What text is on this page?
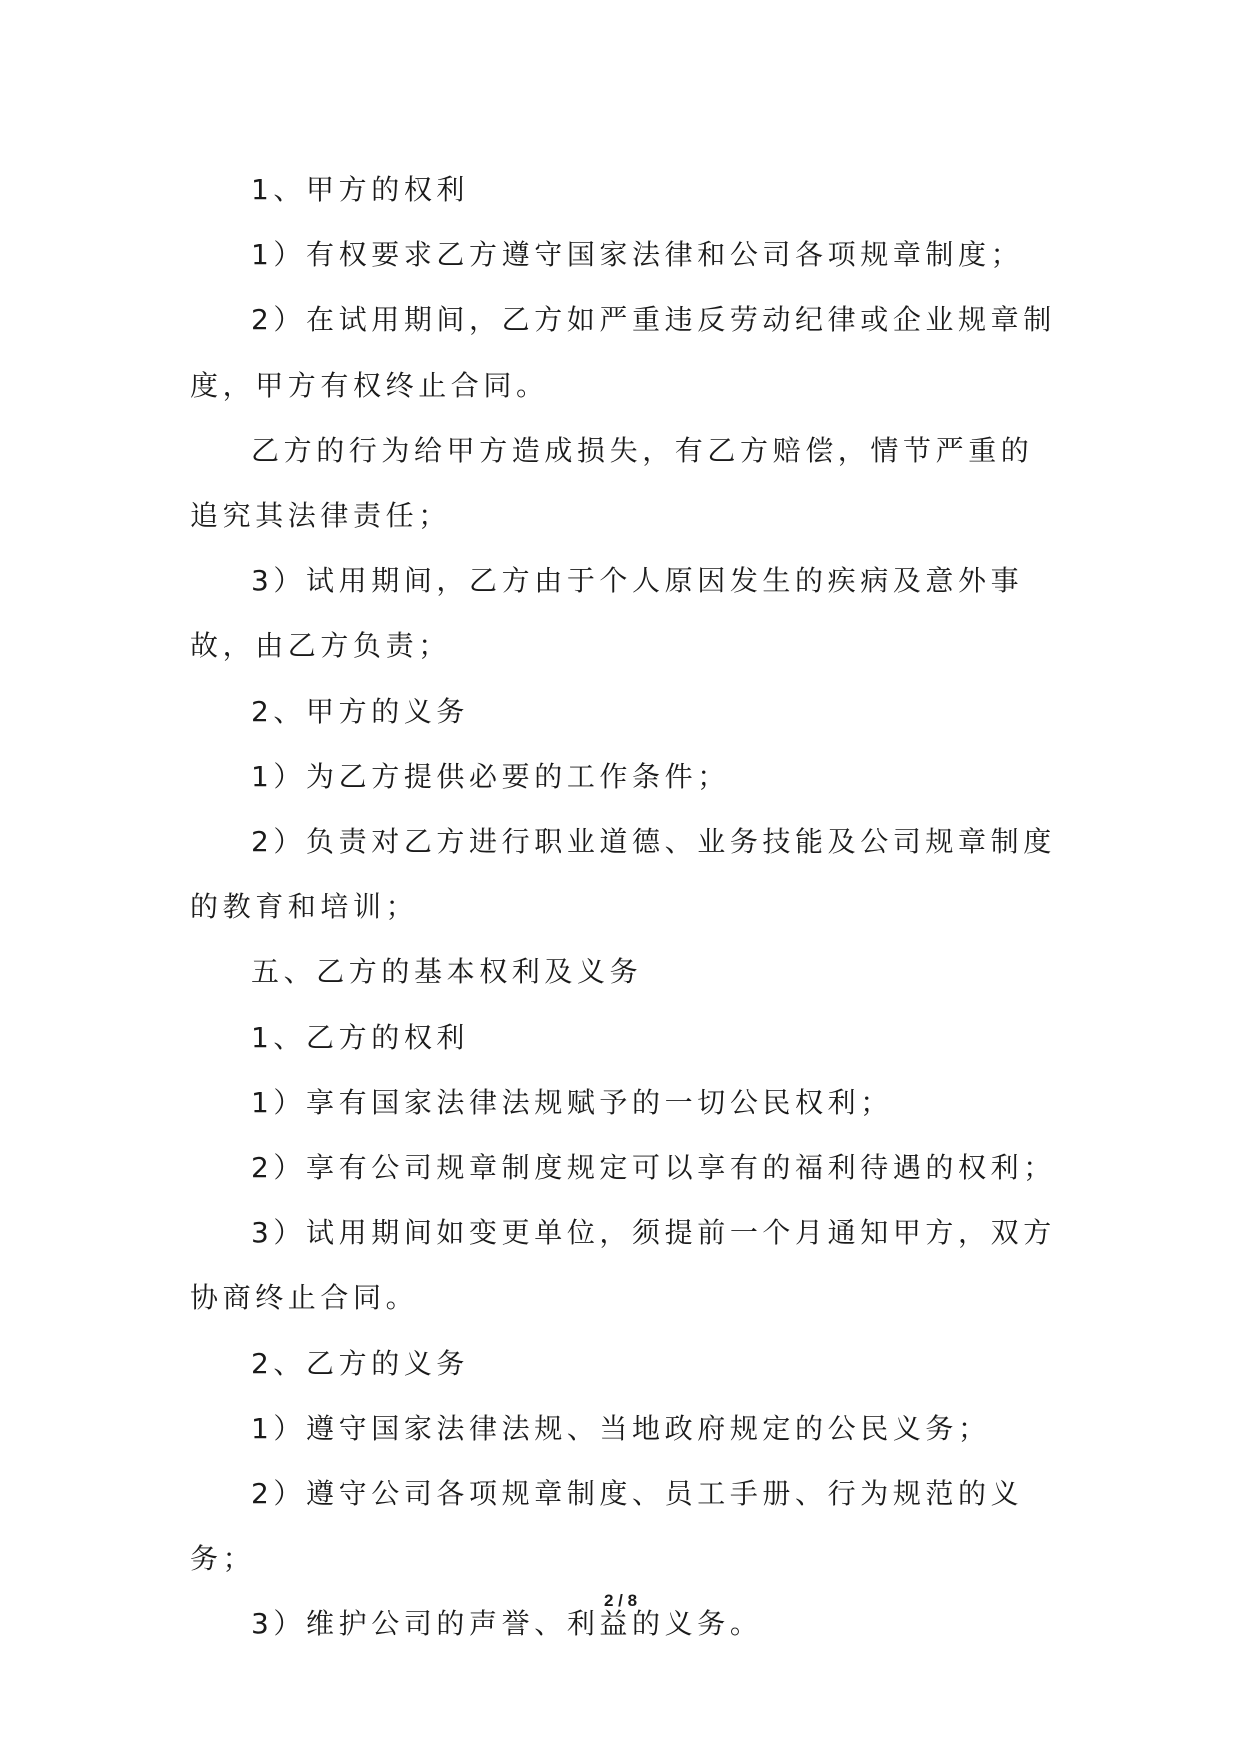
1、甲方的权利

1）有权要求乙方遵守国家法律和公司各项规章制度；

2）在试用期间，乙方如严重违反劳动纪律或企业规章制度，甲方有权终止合同。

乙方的行为给甲方造成损失，有乙方赔偿，情节严重的追究其法律责任；

3）试用期间，乙方由于个人原因发生的疾病及意外事故，由乙方负责；

2、甲方的义务

1）为乙方提供必要的工作条件；

2）负责对乙方进行职业道德、业务技能及公司规章制度的教育和培训；

五、乙方的基本权利及义务

1、乙方的权利

1）享有国家法律法规赋予的一切公民权利；

2）享有公司规章制度规定可以享有的福利待遇的权利；

3）试用期间如变更单位，须提前一个月通知甲方，双方协商终止合同。

2、乙方的义务

1）遵守国家法律法规、当地政府规定的公民义务；

2）遵守公司各项规章制度、员工手册、行为规范的义务；

3）维护公司的声誉、利益的义务。

2 / 8
